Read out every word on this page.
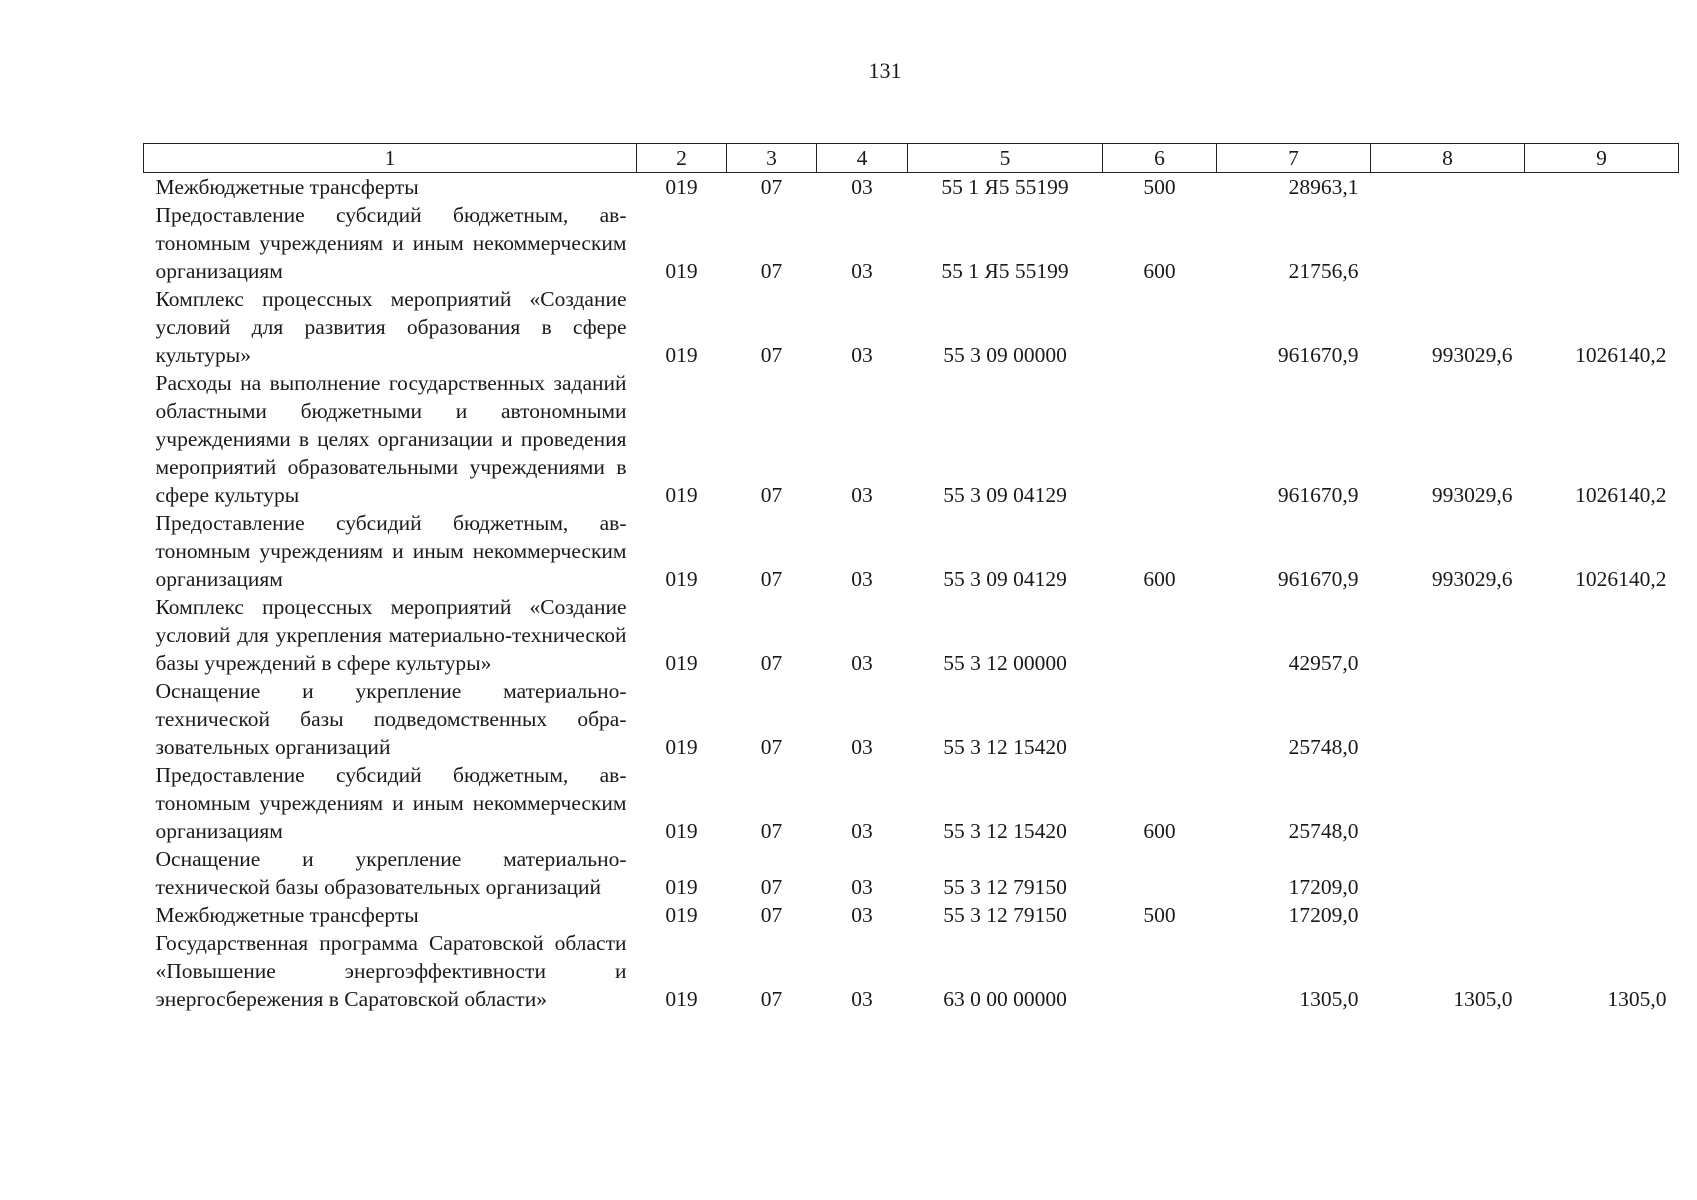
131
1	2	3	4	5	6	7	8	9
Межбюджетные трансферты	019	07	03	55 1 Я5 55199	500	28963,1		
Предоставление субсидий бюджетным, автономным учреждениям и иным некоммерческим организациям	019	07	03	55 1 Я5 55199	600	21756,6		
Комплекс процессных мероприятий «Создание условий для развития образования в сфере культуры»	019	07	03	55 3 09 00000		961670,9	993029,6	1026140,2
Расходы на выполнение государственных заданий областными бюджетными и автономными учреждениями в целях организации и проведения мероприятий образовательными учреждениями в сфере культуры	019	07	03	55 3 09 04129		961670,9	993029,6	1026140,2
Предоставление субсидий бюджетным, автономным учреждениям и иным некоммерческим организациям	019	07	03	55 3 09 04129	600	961670,9	993029,6	1026140,2
Комплекс процессных мероприятий «Создание условий для укрепления материально-технической базы учреждений в сфере культуры»	019	07	03	55 3 12 00000		42957,0		
Оснащение и укрепление материально-технической базы подведомственных образовательных организаций	019	07	03	55 3 12 15420		25748,0		
Предоставление субсидий бюджетным, автономным учреждениям и иным некоммерческим организациям	019	07	03	55 3 12 15420	600	25748,0		
Оснащение и укрепление материально-технической базы образовательных организаций	019	07	03	55 3 12 79150		17209,0		
Межбюджетные трансферты	019	07	03	55 3 12 79150	500	17209,0		
Государственная программа Саратовской области «Повышение энергоэффективности и энергосбережения в Саратовской области»	019	07	03	63 0 00 00000		1305,0	1305,0	1305,0
